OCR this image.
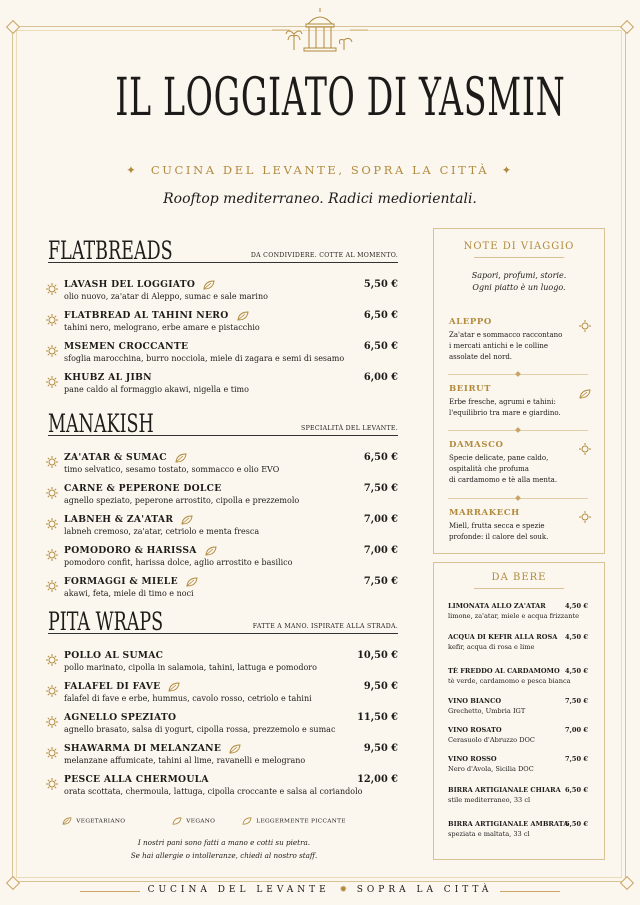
IL LOGGIATO DI YASMIN
✦ CUCINA DEL LEVANTE, SOPRA LA CITTÀ ✦
Rooftop mediterraneo. Radici mediorientali.
FLATBREADS	DA CONDIVIDERE. COTTE AL MOMENTO.
LAVASH DEL LOGGIATO	5,50 €
olio nuovo, za'atar di Aleppo, sumac e sale marino
FLATBREAD AL TAHINI NERO	6,50 €
tahini nero, melograno, erbe amare e pistacchio
MSEMEN CROCCANTE	6,50 €
sfoglia marocchina, burro nocciola, miele di zagara e semi di sesamo
KHUBZ AL JIBN	6,00 €
pane caldo al formaggio akawi, nigella e timo
MANAKISH	SPECIALITÀ DEL LEVANTE.
ZA'ATAR & SUMAC	6,50 €
timo selvatico, sesamo tostato, sommacco e olio EVO
CARNE & PEPERONE DOLCE	7,50 €
agnello speziato, peperone arrostito, cipolla e prezzemolo
LABNEH & ZA'ATAR	7,00 €
labneh cremoso, za'atar, cetriolo e menta fresca
POMODORO & HARISSA	7,00 €
pomodoro confit, harissa dolce, aglio arrostito e basilico
FORMAGGI & MIELE	7,50 €
akawi, feta, miele di timo e noci
PITA WRAPS	FATTE A MANO. ISPIRATE ALLA STRADA.
POLLO AL SUMAC	10,50 €
pollo marinato, cipolla in salamoia, tahini, lattuga e pomodoro
FALAFEL DI FAVE	9,50 €
falafel di fave e erbe, hummus, cavolo rosso, cetriolo e tahini
AGNELLO SPEZIATO	11,50 €
agnello brasato, salsa di yogurt, cipolla rossa, prezzemolo e sumac
SHAWARMA DI MELANZANE	9,50 €
melanzane affumicate, tahini al lime, ravanelli e melograno
PESCE ALLA CHERMOULA	12,00 €
orata scottata, chermoula, lattuga, cipolla croccante e salsa al coriandolo
VEGETARIANO	VEGANO	LEGGERMENTE PICCANTE
I nostri pani sono fatti a mano e cotti su pietra.
Se hai allergie o intolleranze, chiedi al nostro staff.
NOTE DI VIAGGIO
Sapori, profumi, storie.
Ogni piatto è un luogo.
ALEPPO
Za'atar e sommacco raccontano
i mercati antichi e le colline
assolate del nord.
BEIRUT
Erbe fresche, agrumi e tahini:
l'equilibrio tra mare e giardino.
DAMASCO
Specie delicate, pane caldo,
ospitalità che profuma
di cardamomo e tè alla menta.
MARRAKECH
Miell, frutta secca e spezie
profonde: il calore del souk.
DA BERE
LIMONATA ALLO ZA'ATAR	4,50 €
limone, za'atar, miele e acqua frizzante
ACQUA DI KEFIR ALLA ROSA	4,50 €
kefir, acqua di rosa e lime
TÈ FREDDO AL CARDAMOMO 4,50 €
tè verde, cardamomo e pesca bianca
VINO BIANCO	7,50 €
Grechetto, Umbria IGT
VINO ROSATO	7,00 €
Cerasuolo d'Abruzzo DOC
VINO ROSSO	7,50 €
Nero d'Avola, Sicilia DOC
BIRRA ARTIGIANALE CHIARA 6,50 €
stile mediterraneo, 33 cl
BIRRA ARTIGIANALE AMBRATA
6,50 €
speziata e maltata, 33 cl
CUCINA DEL LEVANTE  ✹  SOPRA LA CITTÀ
